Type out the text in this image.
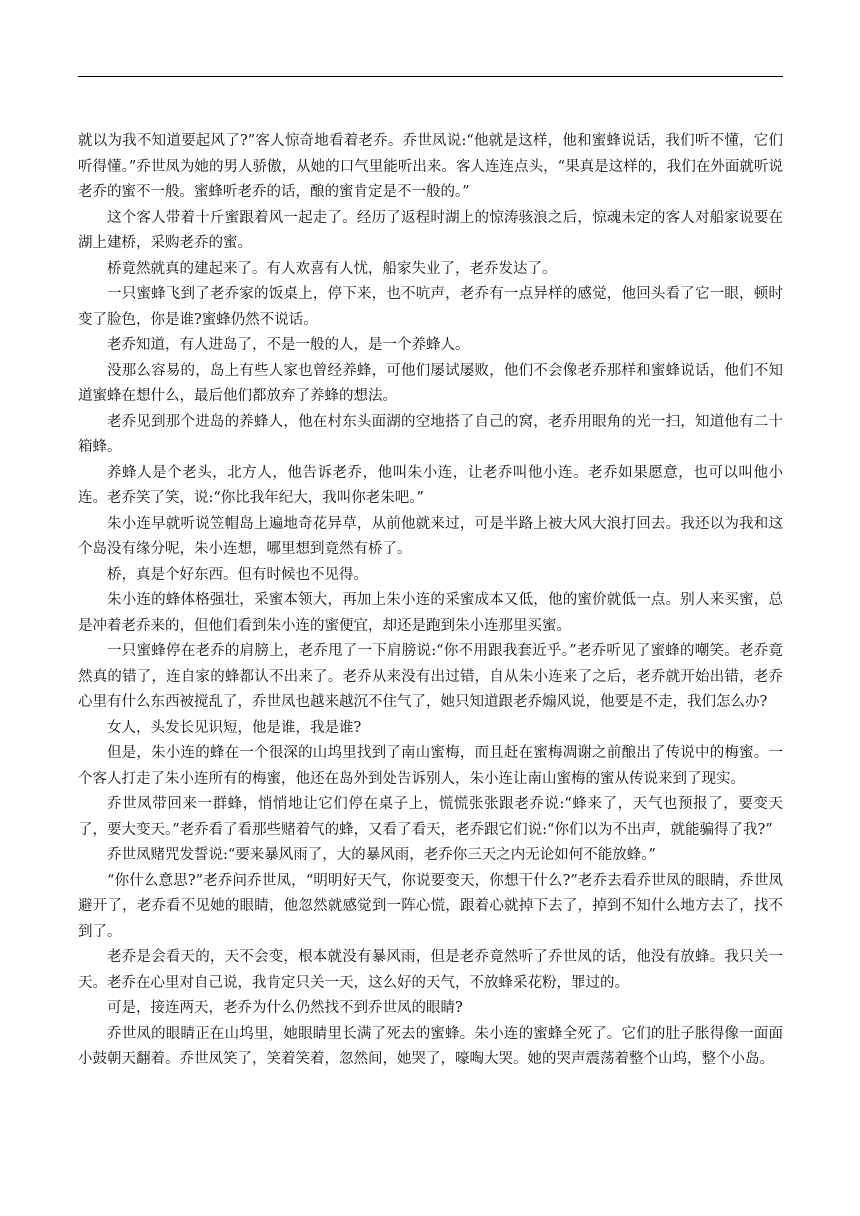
就以为我不知道要起风了?”客人惊奇地看着老乔。乔世凤说:“他就是这样，他和蜜蜂说话，我们听不懂，它们听得懂。”乔世凤为她的男人骄傲，从她的口气里能听出来。客人连连点头，“果真是这样的，我们在外面就听说老乔的蜜不一般。蜜蜂听老乔的话，酿的蜜肯定是不一般的。”

这个客人带着十斤蜜跟着风一起走了。经历了返程时湖上的惊涛骇浪之后，惊魂未定的客人对船家说要在湖上建桥，采购老乔的蜜。

桥竟然就真的建起来了。有人欢喜有人忧，船家失业了，老乔发达了。

一只蜜蜂飞到了老乔家的饭桌上，停下来，也不吭声，老乔有一点异样的感觉，他回头看了它一眼，顿时变了脸色，你是谁?蜜蜂仍然不说话。

老乔知道，有人进岛了，不是一般的人，是一个养蜂人。

没那么容易的，岛上有些人家也曾经养蜂，可他们屡试屡败，他们不会像老乔那样和蜜蜂说话，他们不知道蜜蜂在想什么，最后他们都放弃了养蜂的想法。

老乔见到那个进岛的养蜂人，他在村东头面湖的空地搭了自己的窝，老乔用眼角的光一扫，知道他有二十箱蜂。

养蜂人是个老头，北方人，他告诉老乔，他叫朱小连，让老乔叫他小连。老乔如果愿意，也可以叫他小连。老乔笑了笑，说:“你比我年纪大，我叫你老朱吧。”

朱小连早就听说笠帽岛上遍地奇花异草，从前他就来过，可是半路上被大风大浪打回去。我还以为我和这个岛没有缘分呢，朱小连想，哪里想到竟然有桥了。

桥，真是个好东西。但有时候也不见得。

朱小连的蜂体格强壮，采蜜本领大，再加上朱小连的采蜜成本又低，他的蜜价就低一点。别人来买蜜，总是冲着老乔来的，但他们看到朱小连的蜜便宜，却还是跑到朱小连那里买蜜。

一只蜜蜂停在老乔的肩膀上，老乔甩了一下肩膀说:“你不用跟我套近乎。”老乔听见了蜜蜂的嘲笑。老乔竟然真的错了，连自家的蜂都认不出来了。老乔从来没有出过错，自从朱小连来了之后，老乔就开始出错，老乔心里有什么东西被搅乱了，乔世凤也越来越沉不住气了，她只知道跟老乔煽风说，他要是不走，我们怎么办?

女人，头发长见识短，他是谁，我是谁?

但是，朱小连的蜂在一个很深的山坞里找到了南山蜜梅，而且赶在蜜梅凋谢之前酿出了传说中的梅蜜。一个客人打走了朱小连所有的梅蜜，他还在岛外到处告诉别人，朱小连让南山蜜梅的蜜从传说来到了现实。

乔世凤带回来一群蜂，悄悄地让它们停在桌子上，慌慌张张跟老乔说:“蜂来了，天气也预报了，要变天了，要大变天。”老乔看了看那些赌着气的蜂，又看了看天，老乔跟它们说:“你们以为不出声，就能骗得了我?”

乔世凤赌咒发誓说:“要来暴风雨了，大的暴风雨，老乔你三天之内无论如何不能放蜂。”

“你什么意思?”老乔问乔世凤，“明明好天气，你说要变天，你想干什么?”老乔去看乔世凤的眼睛，乔世凤避开了，老乔看不见她的眼睛，他忽然就感觉到一阵心慌，跟着心就掉下去了，掉到不知什么地方去了，找不到了。

老乔是会看天的，天不会变，根本就没有暴风雨，但是老乔竟然听了乔世凤的话，他没有放蜂。我只关一天。老乔在心里对自己说，我肯定只关一天，这么好的天气，不放蜂采花粉，罪过的。

可是，接连两天，老乔为什么仍然找不到乔世凤的眼睛?

乔世凤的眼睛正在山坞里，她眼睛里长满了死去的蜜蜂。朱小连的蜜蜂全死了。它们的肚子胀得像一面面小鼓朝天翻着。乔世凤笑了，笑着笑着，忽然间，她哭了，嚎啕大哭。她的哭声震荡着整个山坞，整个小岛。
